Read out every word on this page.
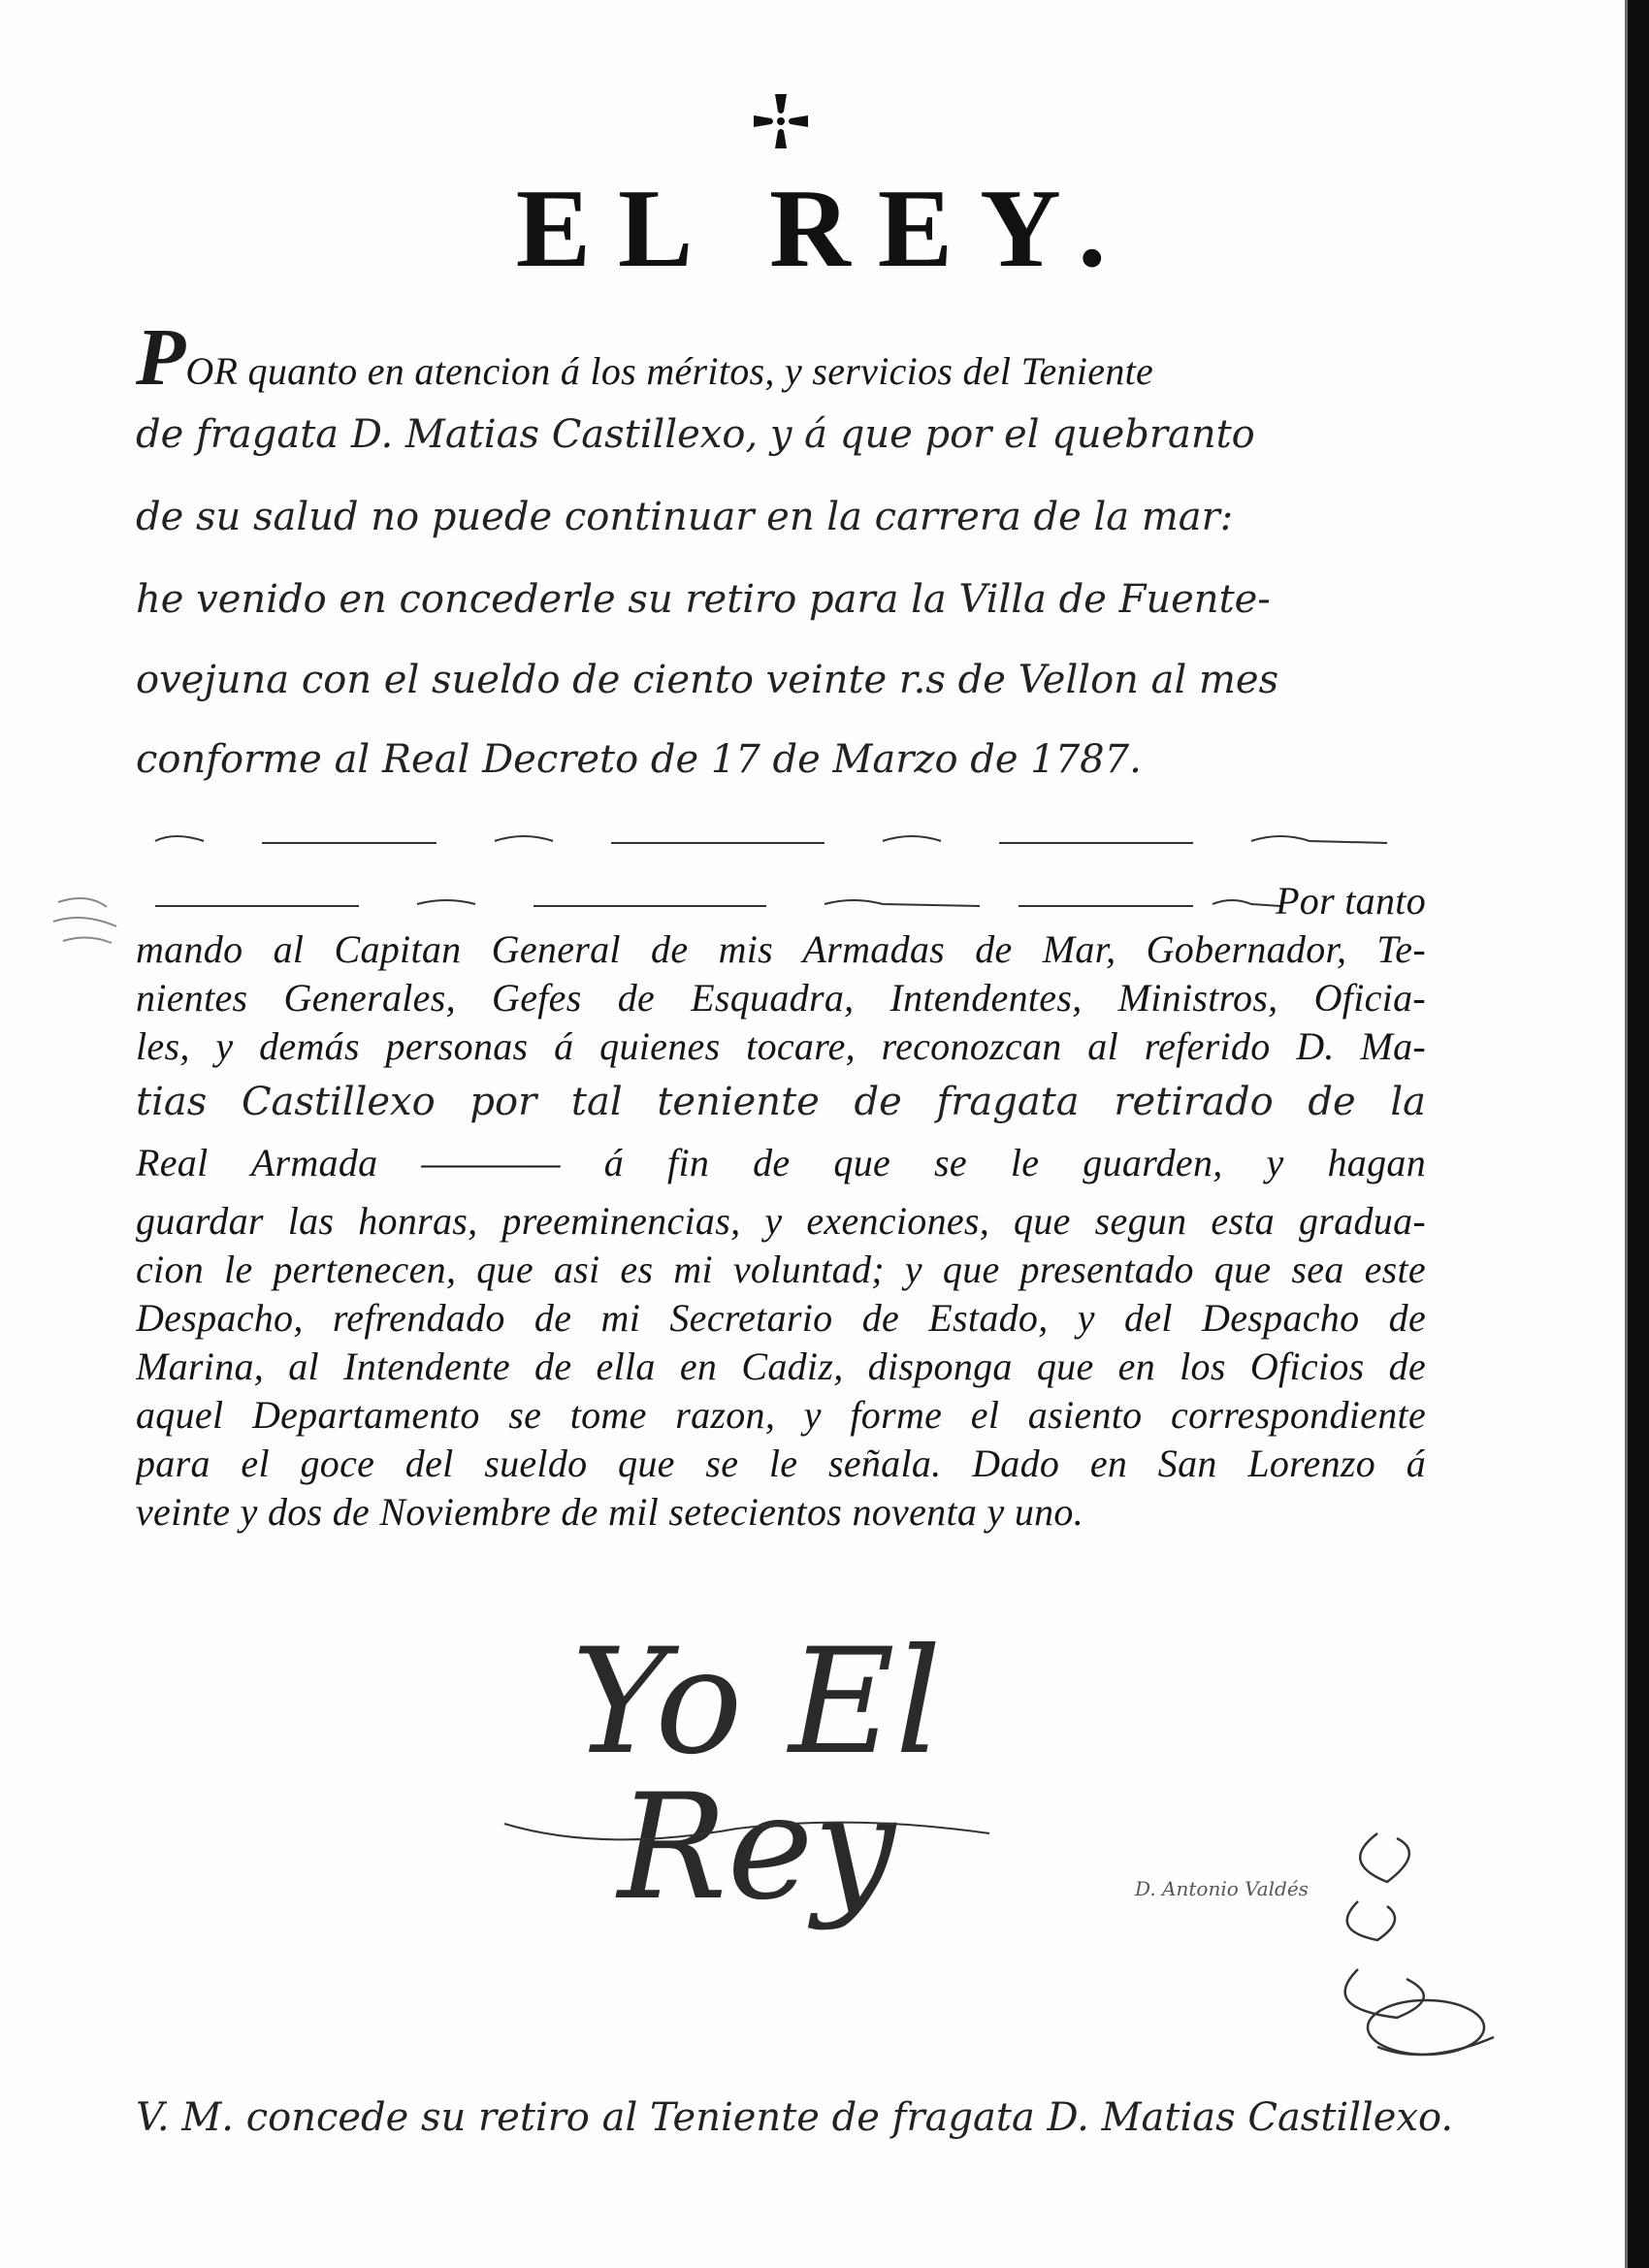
EL REY.
POR quanto en atencion á los méritos, y servicios del Teniente
de fragata D. Matias Castillexo, y á que por el quebranto
de su salud no puede continuar en la carrera de la mar:
he venido en concederle su retiro para la Villa de Fuente-
ovejuna con el sueldo de ciento veinte r.s de Vellon al mes
conforme al Real Decreto de 17 de Marzo de 1787.
Por tanto
mando al Capitan General de mis Armadas de Mar, Gobernador, Te-
nientes Generales, Gefes de Esquadra, Intendentes, Ministros, Oficia-
les, y demás personas á quienes tocare, reconozcan al referido D. Ma-
tias Castillexo por tal teniente de fragata retirado de la
Real Armada ———— á fin de que se le guarden, y hagan
guardar las honras, preeminencias, y exenciones, que segun esta gradua-
cion le pertenecen, que asi es mi voluntad; y que presentado que sea este
Despacho, refrendado de mi Secretario de Estado, y del Despacho de
Marina, al Intendente de ella en Cadiz, disponga que en los Oficios de
aquel Departamento se tome razon, y forme el asiento correspondiente
para el goce del sueldo que se le señala. Dado en San Lorenzo á
veinte y dos de Noviembre de mil setecientos noventa y uno.
Yo El Rey	D. Antonio Valdés
V. M. concede su retiro al Teniente de fragata D. Matias Castillexo.
